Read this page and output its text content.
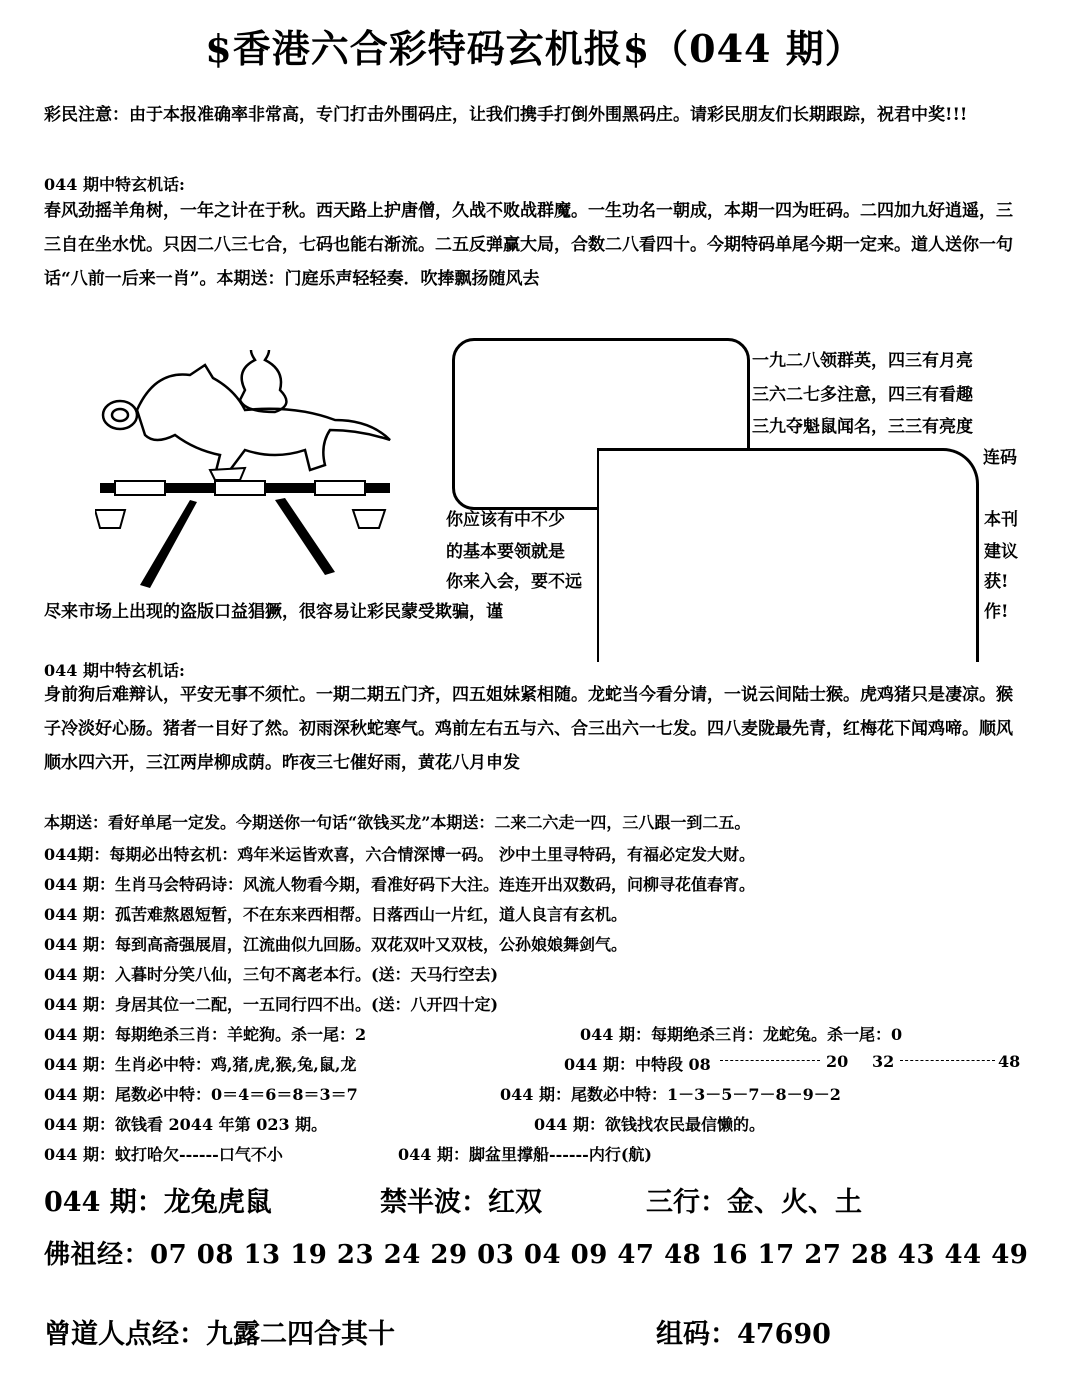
$香港六合彩特码玄机报$（044 期）
彩民注意：由于本报准确率非常高，专门打击外围码庄，让我们携手打倒外围黑码庄。请彩民朋友们长期跟踪，祝君中奖!!!
044 期中特玄机话:
春风劲摇羊角树，一年之计在于秋。西天路上护唐僧，久战不败战群魔。一生功名一朝成，本期一四为旺码。二四加九好逍遥，三三自在坐水忧。只因二八三七合，七码也能右渐流。二五反弹赢大局，合数二八看四十。今期特码单尾今期一定来。道人送你一句话“八前一后来一肖”。本期送：门庭乐声轻轻奏．吹捧飘扬随风去
一九二八领群英，四三有月亮
三六二七多注意，四三有看趣
三九夺魁鼠闻名，三三有亮度
连码
你应该有中不少	本刊
的基本要领就是	建议
你来入会，要不远	获!
尽来市场上出现的盗版口益猖獗，很容易让彩民蒙受欺骗，谨	作!
044 期中特玄机话:
身前狗后难辩认，平安无事不须忙。一期二期五门齐，四五姐妹紧相随。龙蛇当今看分请，一说云间陆士猴。虎鸡猪只是凄凉。猴子冷淡好心肠。猪者一目好了然。初雨深秋蛇寒气。鸡前左右五与六、合三出六一七发。四八麦陇最先青，红梅花下闻鸡啼。顺风顺水四六开，三江两岸柳成荫。昨夜三七催好雨，黄花八月申发
本期送：看好单尾一定发。今期送你一句话“欲钱买龙”本期送：二来二六走一四，三八跟一到二五。
044期：每期必出特玄机：鸡年米运皆欢喜，六合情深博一码。 沙中土里寻特码，有福必定发大财。
044 期：生肖马会特码诗：风流人物看今期，看准好码下大注。连连开出双数码，问柳寻花值春宵。
044 期：孤苦难熬恩短暂，不在东来西相帮。日落西山一片红，道人良言有玄机。
044 期：每到高斋强展眉，江流曲似九回肠。双花双叶又双枝，公孙娘娘舞剑气。
044 期：入暮时分笑八仙，三句不离老本行。(送：天马行空去)
044 期：身居其位一二配，一五同行四不出。(送：八开四十定)
044 期：每期绝杀三肖：羊蛇狗。杀一尾：2	044 期：每期绝杀三肖：龙蛇兔。杀一尾：0
044 期：生肖必中特：鸡,猪,虎,猴,兔,鼠,龙	044 期：中特段 08	20 32	48
044 期：尾数必中特：0＝4＝6＝8＝3＝7	044 期：尾数必中特：1－3－5－7－8－9－2
044 期：欲钱看 2044 年第 023 期。	044 期：欲钱找农民最信懒的。
044 期：蚊打哈欠------口气不小	044 期：脚盆里撑船------内行(航)
044 期：龙兔虎鼠	禁半波：红双	三行：金、火、土
佛祖经：07 08 13 19 23 24 29 03 04 09 47 48 16 17 27 28 43 44 49
曾道人点经：九露二四合其十	组码：47690
